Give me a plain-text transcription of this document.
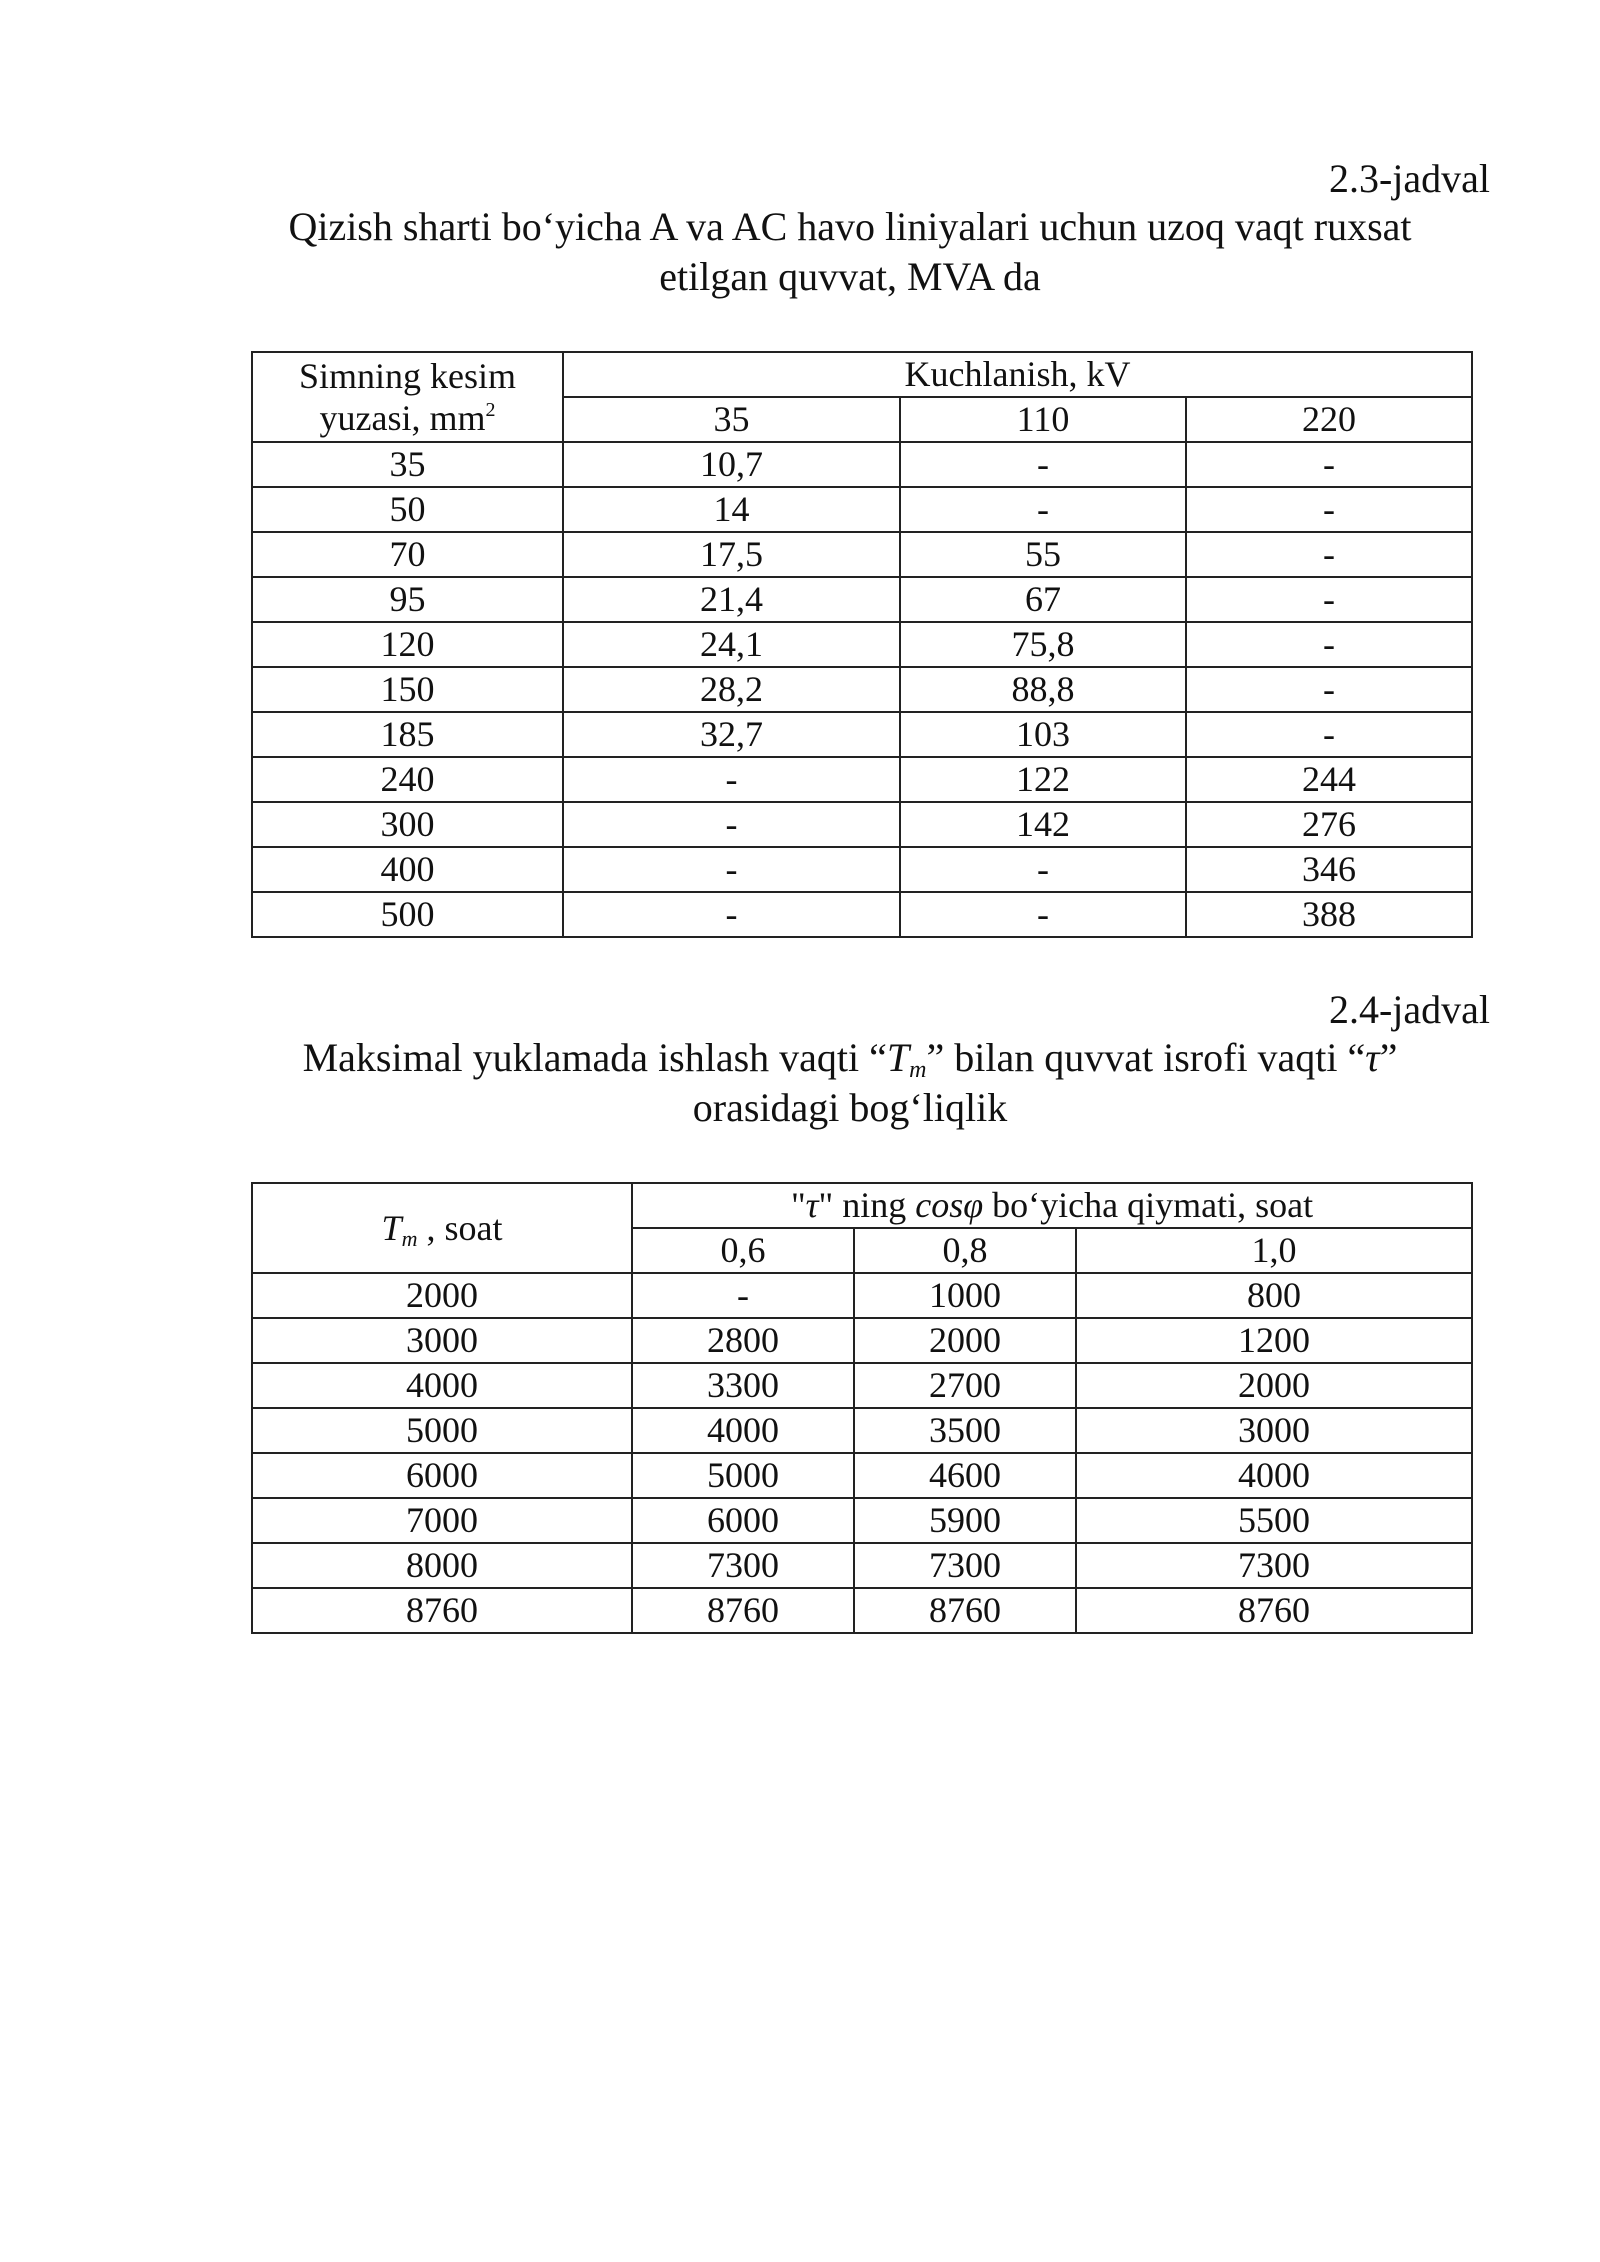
2.3-jadval
Qizish sharti bo‘yicha A va AC havo liniyalari uchun uzoq vaqt ruxsat
etilgan quvvat, MVA da
Simning kesim
yuzasi, $mm^2$	Kuchlanish, kV		
	35	110	220
35	10,7	-	-
50	14	-	-
70	17,5	55	-
95	21,4	67	-
120	24,1	75,8	-
150	28,2	88,8	-
185	32,7	103	-
240	-	122	244
300	-	142	276
400	-	-	346
500	-	-	388
2.4-jadval
Maksimal yuklamada ishlash vaqti “$T_m$” bilan quvvat isrofi vaqti “τ”
orasidagi bog‘liqlik
Tm , soat	"τ" ning cosφ bo‘yicha qiymati, soat		
	0,6	0,8	1,0
2000	-	1000	800
3000	2800	2000	1200
4000	3300	2700	2000
5000	4000	3500	3000
6000	5000	4600	4000
7000	6000	5900	5500
8000	7300	7300	7300
8760	8760	8760	8760
